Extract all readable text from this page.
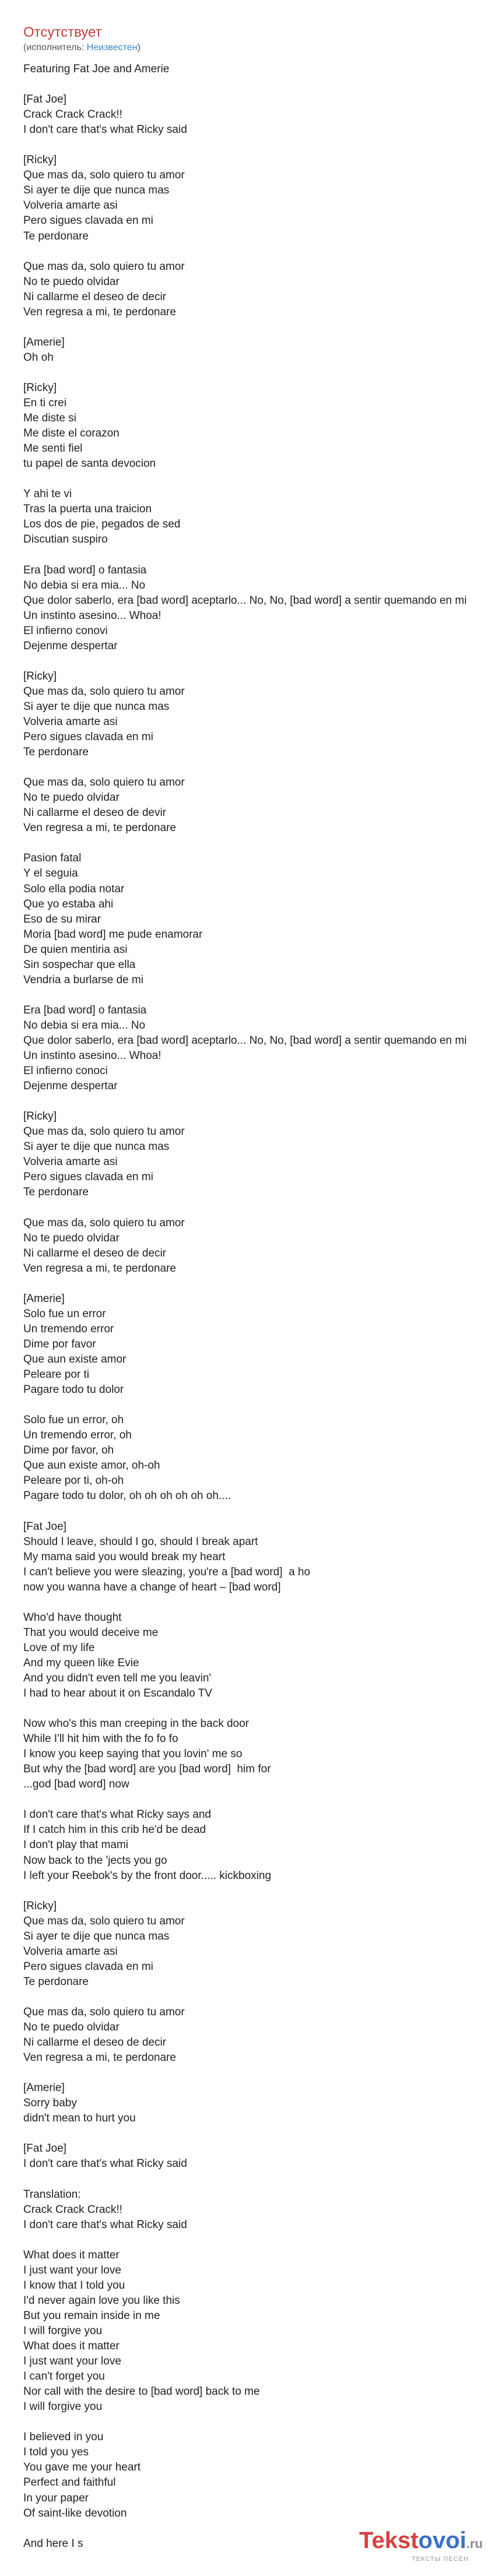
Отсутствует
(исполнитель: Неизвестен)
Featuring Fat Joe and Amerie

[Fat Joe]
Crack Crack Crack!!
I don't care that's what Ricky said

[Ricky]
Que mas da, solo quiero tu amor
Si ayer te dije que nunca mas
Volveria amarte asi
Pero sigues clavada en mi
Te perdonare

Que mas da, solo quiero tu amor
No te puedo olvidar
Ni callarme el deseo de decir
Ven regresa a mi, te perdonare

[Amerie]
Oh oh

[Ricky]
En ti crei
Me diste si
Me diste el corazon
Me senti fiel
tu papel de santa devocion

Y ahi te vi
Tras la puerta una traicion
Los dos de pie, pegados de sed
Discutian suspiro

Era [bad word] o fantasia
No debia si era mia... No
Que dolor saberlo, era [bad word] aceptarlo... No, No, [bad word] a sentir quemando en mi
Un instinto asesino... Whoa!
El infierno conovi
Dejenme despertar

[Ricky]
Que mas da, solo quiero tu amor
Si ayer te dije que nunca mas
Volveria amarte asi
Pero sigues clavada en mi
Te perdonare

Que mas da, solo quiero tu amor
No te puedo olvidar
Ni callarme el deseo de devir
Ven regresa a mi, te perdonare

Pasion fatal
Y el seguia
Solo ella podia notar
Que yo estaba ahi
Eso de su mirar
Moria [bad word] me pude enamorar
De quien mentiria asi
Sin sospechar que ella
Vendria a burlarse de mi

Era [bad word] o fantasia
No debia si era mia... No
Que dolor saberlo, era [bad word] aceptarlo... No, No, [bad word] a sentir quemando en mi
Un instinto asesino... Whoa!
El infierno conoci
Dejenme despertar

[Ricky]
Que mas da, solo quiero tu amor
Si ayer te dije que nunca mas
Volveria amarte asi
Pero sigues clavada en mi
Te perdonare

Que mas da, solo quiero tu amor
No te puedo olvidar
Ni callarme el deseo de decir
Ven regresa a mi, te perdonare

[Amerie]
Solo fue un error
Un tremendo error
Dime por favor
Que aun existe amor
Peleare por ti
Pagare todo tu dolor

Solo fue un error, oh
Un tremendo error, oh
Dime por favor, oh
Que aun existe amor, oh-oh
Peleare por ti, oh-oh
Pagare todo tu dolor, oh oh oh oh oh oh....

[Fat Joe]
Should I leave, should I go, should I break apart
My mama said you would break my heart
I can't believe you were sleazing, you're a [bad word]  a ho
now you wanna have a change of heart – [bad word]

Who'd have thought
That you would deceive me
Love of my life
And my queen like Evie
And you didn't even tell me you leavin'
I had to hear about it on Escandalo TV

Now who's this man creeping in the back door
While I'll hit him with the fo fo fo
I know you keep saying that you lovin' me so
But why the [bad word] are you [bad word]  him for
...god [bad word] now

I don't care that's what Ricky says and
If I catch him in this crib he'd be dead
I don't play that mami
Now back to the 'jects you go
I left your Reebok's by the front door..... kickboxing

[Ricky]
Que mas da, solo quiero tu amor
Si ayer te dije que nunca mas
Volveria amarte asi
Pero sigues clavada en mi
Te perdonare

Que mas da, solo quiero tu amor
No te puedo olvidar
Ni callarme el deseo de decir
Ven regresa a mi, te perdonare

[Amerie]
Sorry baby
didn't mean to hurt you

[Fat Joe]
I don't care that's what Ricky said

Translation:
Crack Crack Crack!!
I don't care that's what Ricky said

What does it matter
I just want your love
I know that I told you
I'd never again love you like this
But you remain inside in me
I will forgive you
What does it matter
I just want your love
I can't forget you
Nor call with the desire to [bad word] back to me
I will forgive you

I believed in you
I told you yes
You gave me your heart
Perfect and faithful
In your paper
Of saint-like devotion

And here I s	Tekstovoi.ru
ТЕКСТЫ ПЕСЕН
